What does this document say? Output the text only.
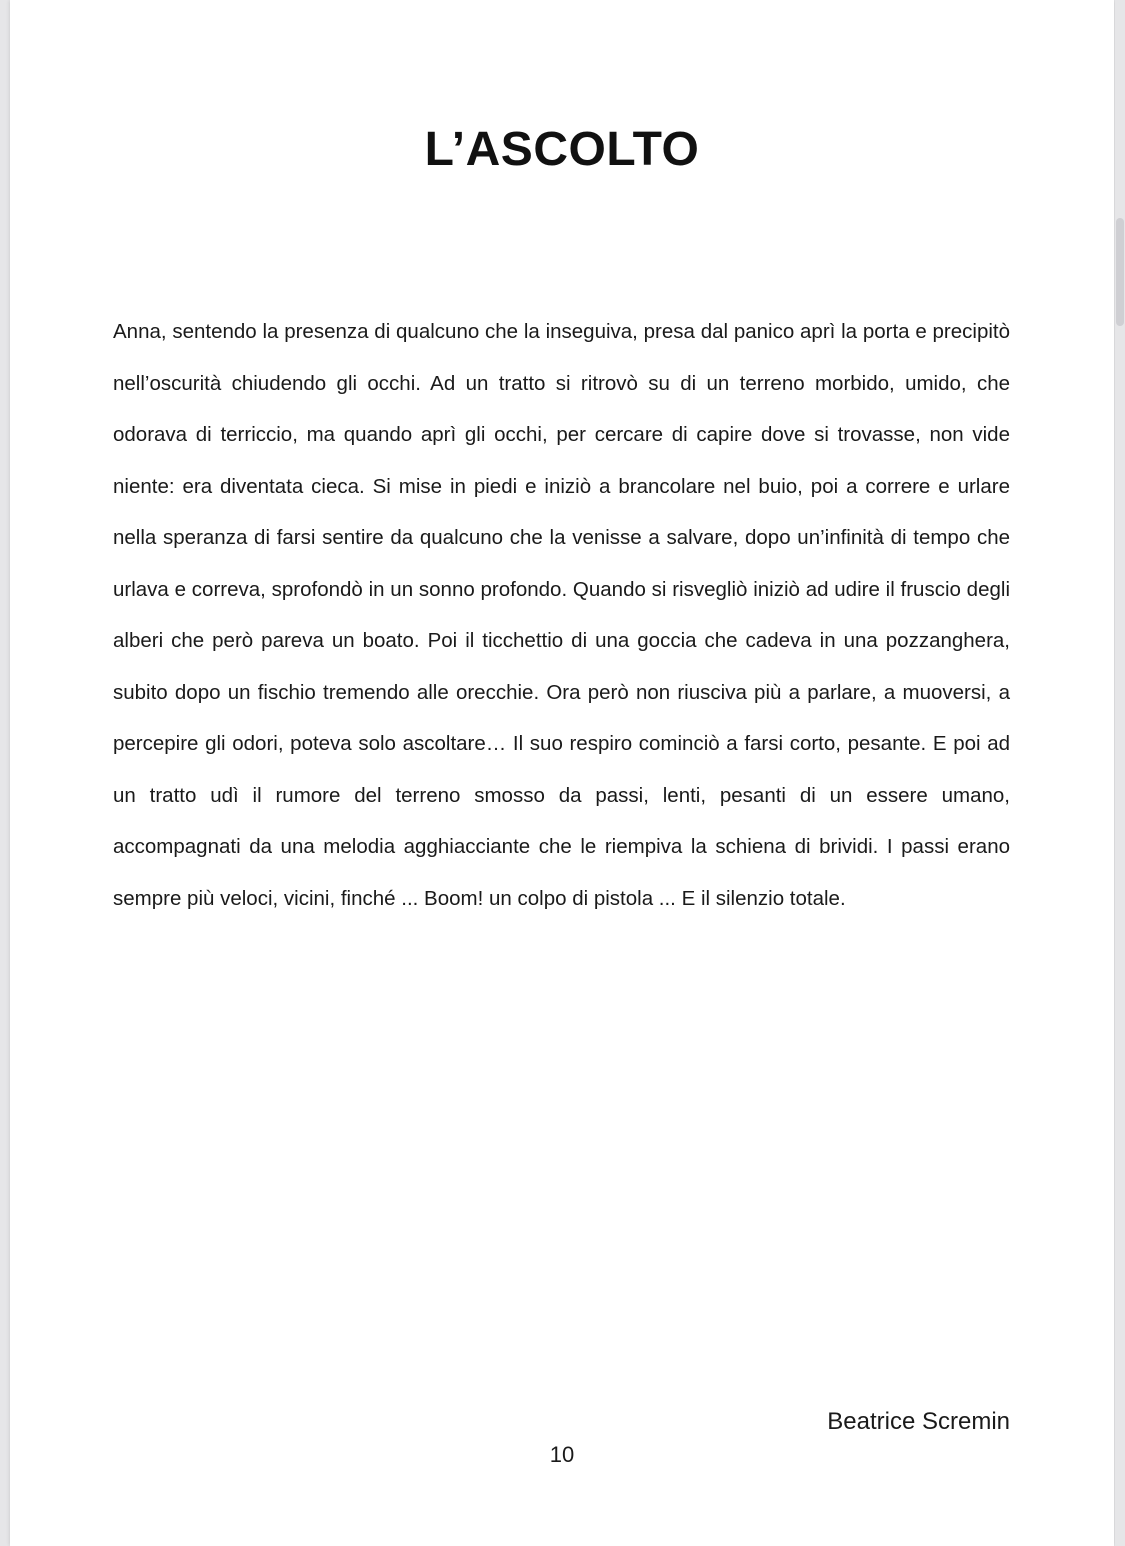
L’ASCOLTO

Anna, sentendo la presenza di qualcuno che la inseguiva, presa dal panico aprì la porta e precipitò nell’oscurità chiudendo gli occhi. Ad un tratto si ritrovò su di un terreno morbido, umido, che odorava di terriccio, ma quando aprì gli occhi, per cercare di capire dove si trovasse, non vide niente: era diventata cieca. Si mise in piedi e iniziò a brancolare nel buio, poi a correre e urlare nella speranza di farsi sentire da qualcuno che la venisse a salvare, dopo un’infinità di tempo che urlava e correva, sprofondò in un sonno profondo. Quando si risvegliò iniziò ad udire il fruscio degli alberi che però pareva un boato. Poi il ticchettio di una goccia che cadeva in una pozzanghera, subito dopo un fischio tremendo alle orecchie. Ora però non riusciva più a parlare, a muoversi, a percepire gli odori, poteva solo ascoltare… Il suo respiro cominciò a farsi corto, pesante. E poi ad un tratto udì il rumore del terreno smosso da passi, lenti, pesanti di un essere umano, accompagnati da una melodia agghiacciante che le riempiva la schiena di brividi. I passi erano sempre più veloci, vicini, finché ... Boom! un colpo di pistola ... E il silenzio totale.

Beatrice Scremin
10
